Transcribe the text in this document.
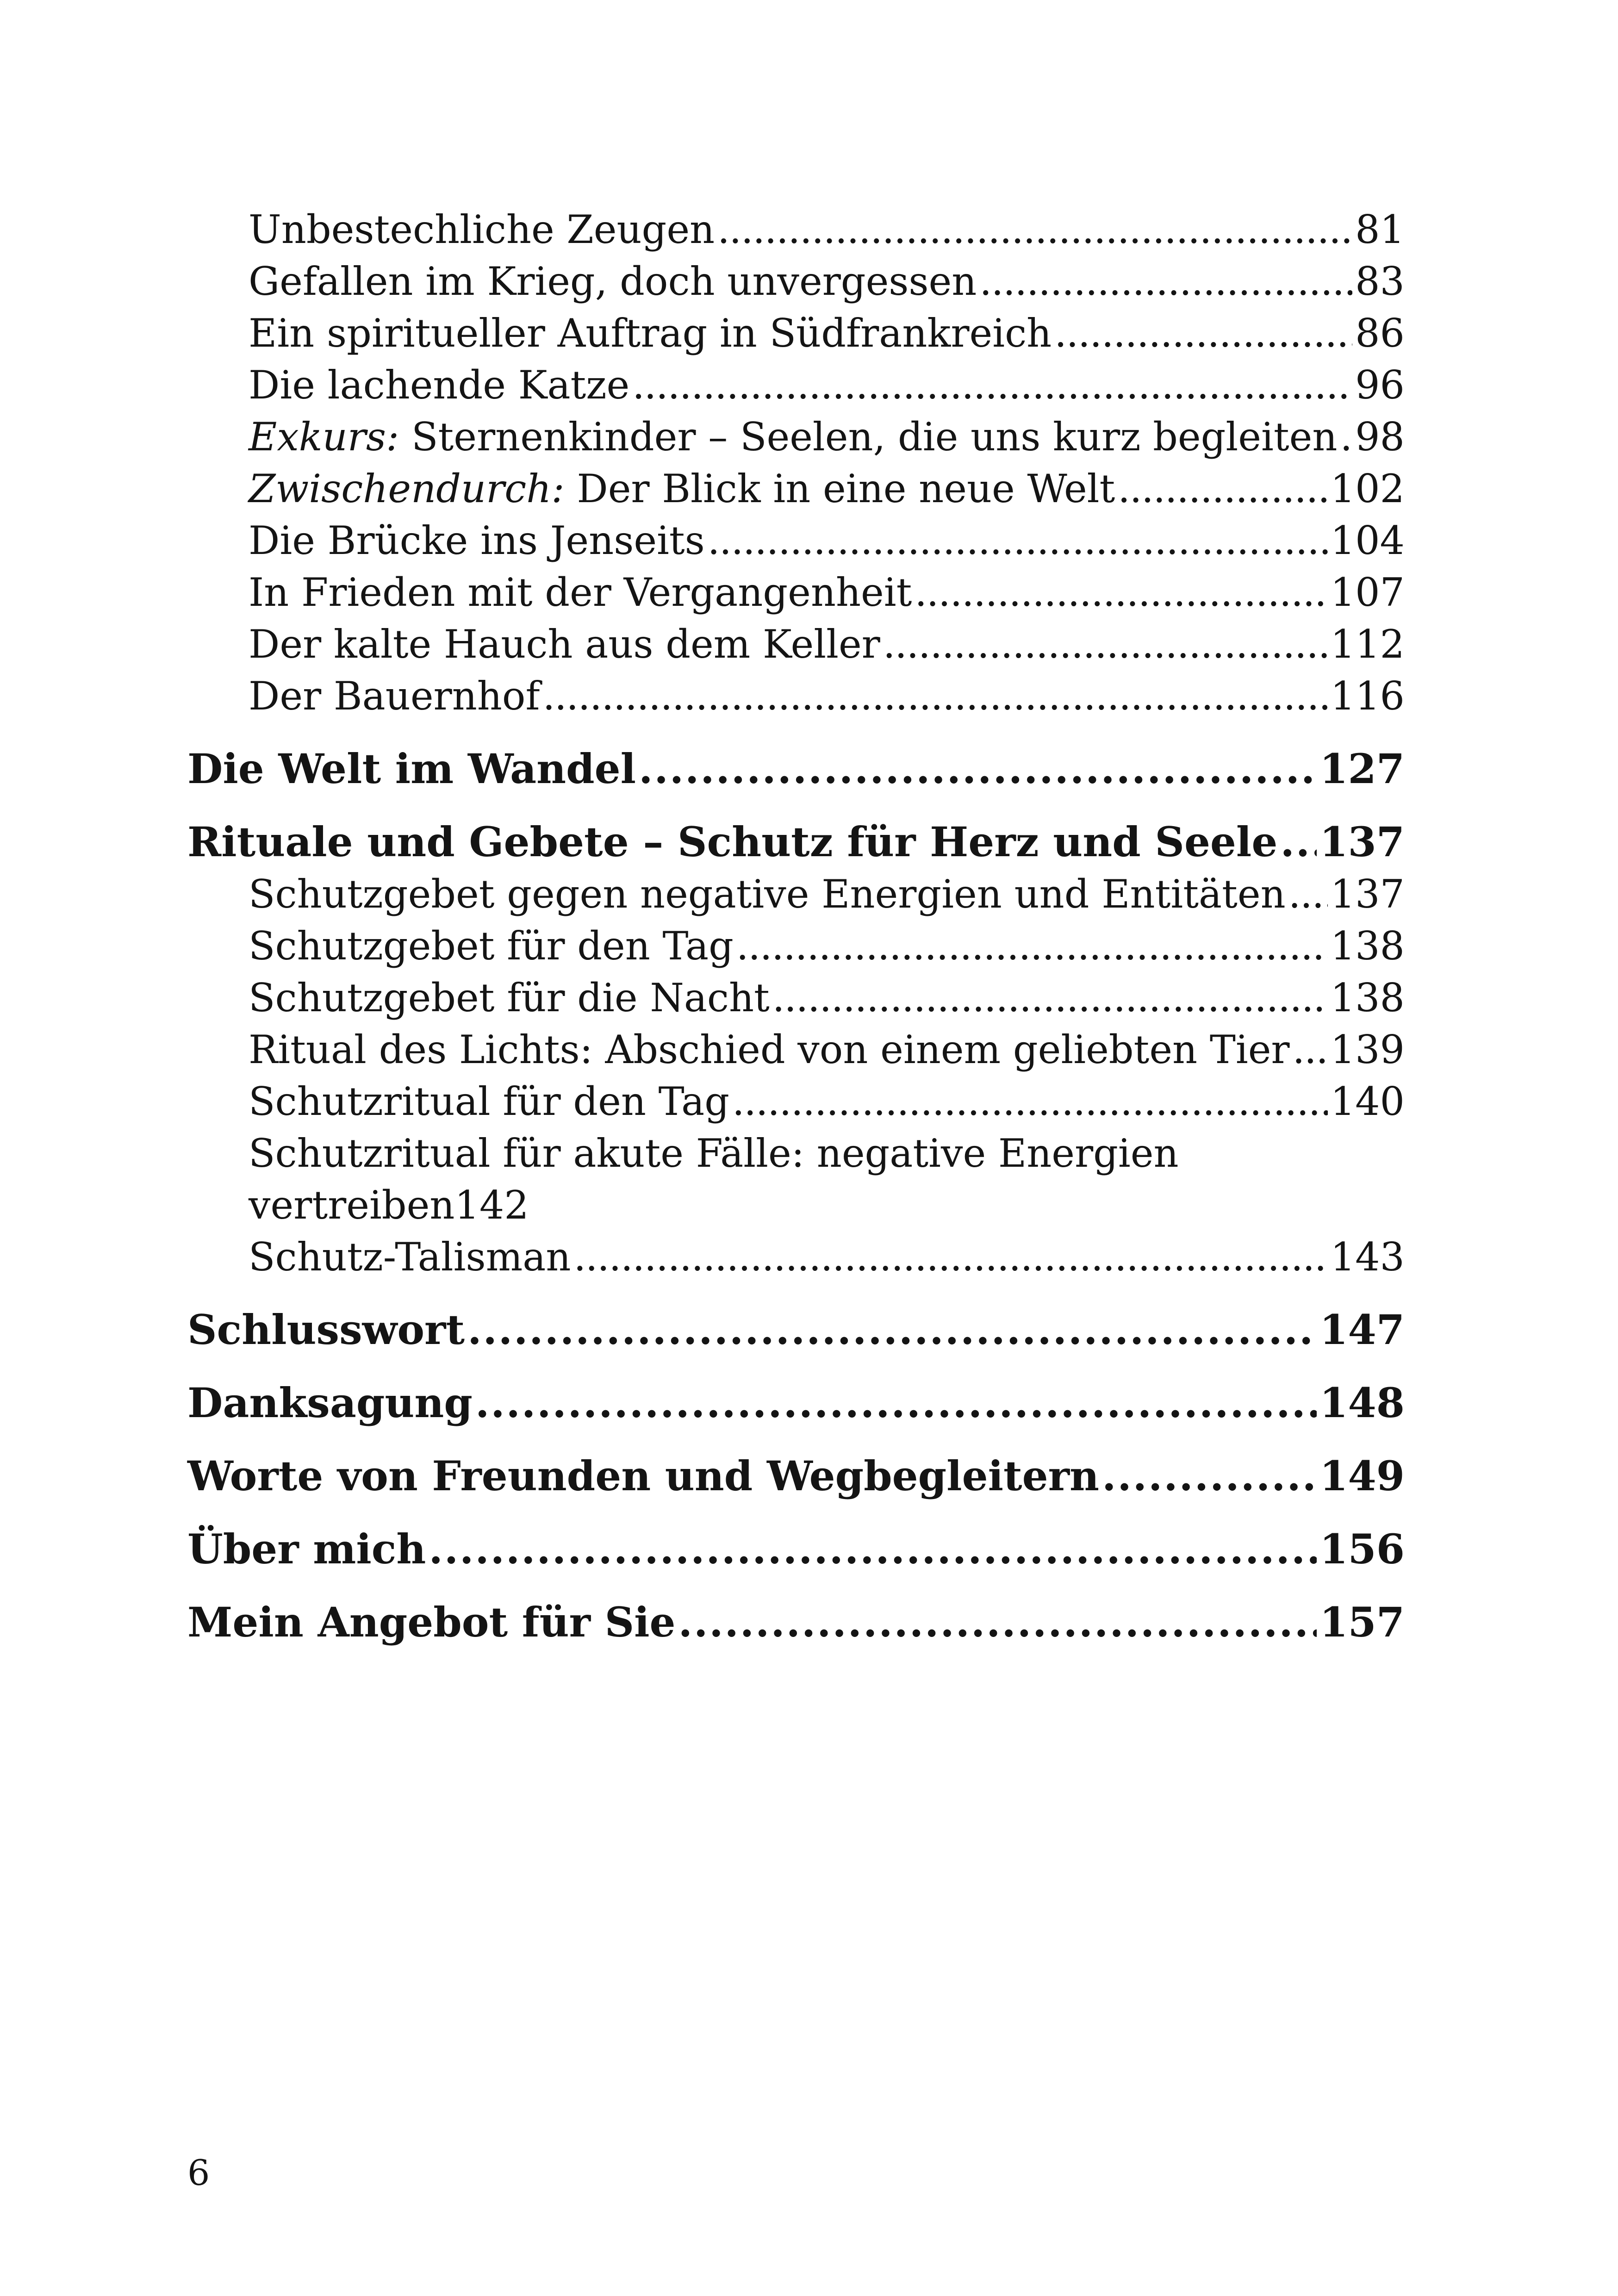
Unbestechliche Zeugen . . .	81
Gefallen im Krieg, doch unvergessen . . .	83
Ein spiritueller Auftrag in Südfrankreich . . .	86
Die lachende Katze . . .	96
Exkurs: Sternenkinder – Seelen, die uns kurz begleiten . . . 98
Zwischendurch: Der Blick in eine neue Welt . . .	102
Die Brücke ins Jenseits . . .	104
In Frieden mit der Vergangenheit . . .	107
Der kalte Hauch aus dem Keller . . .	112
Der Bauernhof . . .	116
Die Welt im Wandel . . .	127
Rituale und Gebete – Schutz für Herz und Seele . . . 137
Schutzgebet gegen negative Energien und Entitäten . . . 137
Schutzgebet für den Tag . . .	138
Schutzgebet für die Nacht . . .	138
Ritual des Lichts: Abschied von einem geliebten Tier . . . 139
Schutzritual für den Tag . . .	140
Schutzritual für akute Fälle: negative Energien
vertreiben 142
Schutz-Talisman . . .	143
Schlusswort . . .	147
Danksagung . . .	148
Worte von Freunden und Wegbegleitern . . .	149
Über mich . . .	156
Mein Angebot für Sie . . .	157
6
